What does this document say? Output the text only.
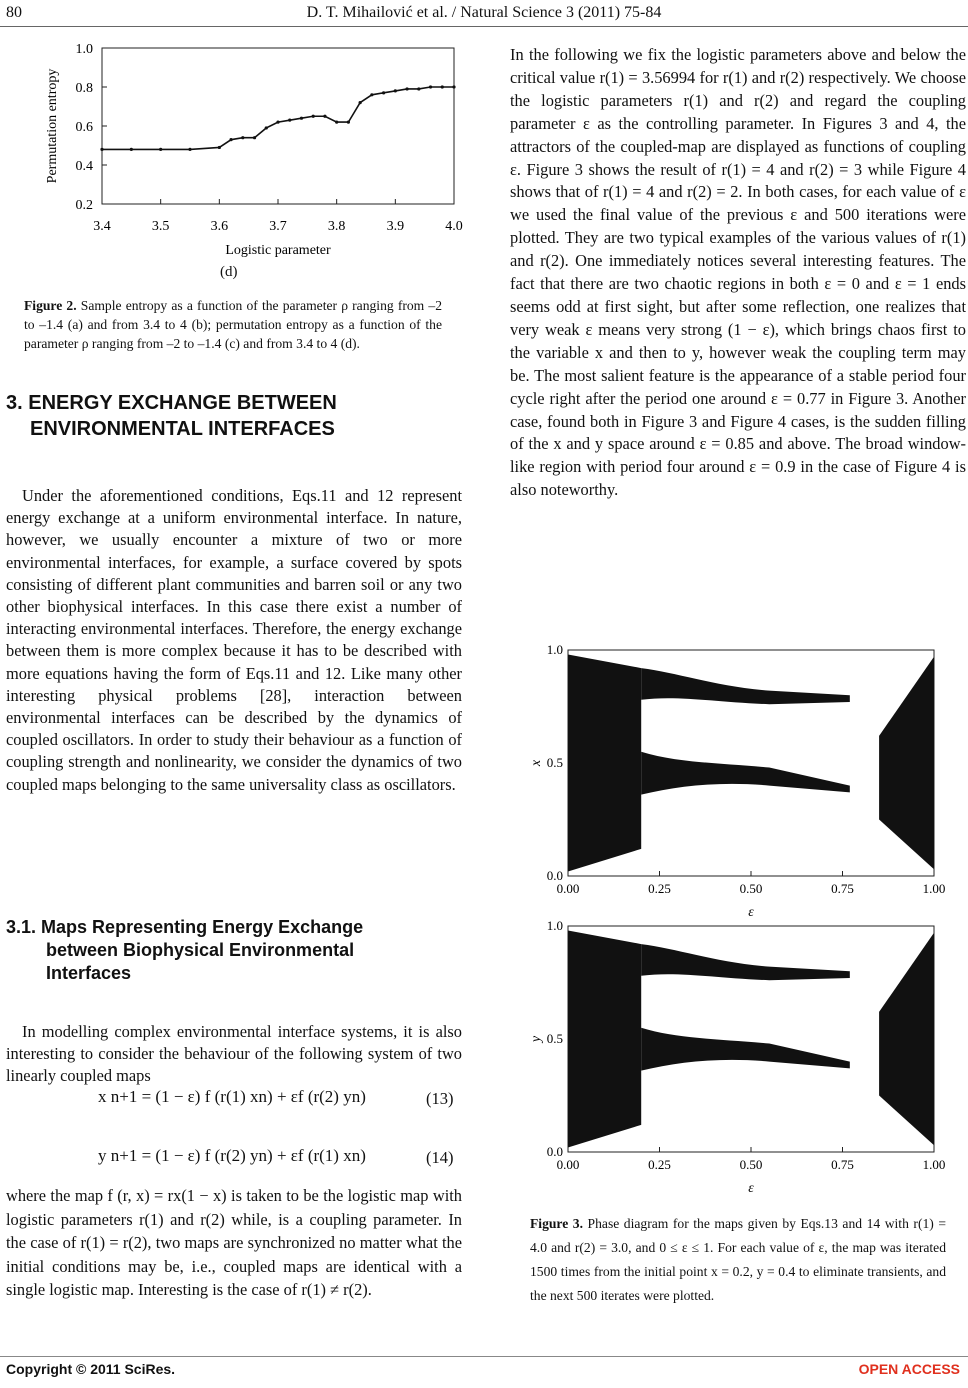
80	D. T. Mihailović et al. / Natural Science 3 (2011) 75-84
3.4	3.5	3.6	3.7	3.8	3.9	4.0
0.2
0.4
0.6
0.8
1.0
Logistic parameter
Permutation entropy
(d)
Figure 2. Sample entropy as a function of the parameter ρ ranging from –2 to –1.4 (a) and from 3.4 to 4 (b); permutation entropy as a function of the parameter ρ ranging from –2 to –1.4 (c) and from 3.4 to 4 (d).
3. ENERGY EXCHANGE BETWEEN
ENVIRONMENTAL INTERFACES

Under the aforementioned conditions, Eqs.11 and 12 represent energy exchange at a uniform environmental interface. In nature, however, we usually encounter a mixture of two or more environmental interfaces, for example, a surface covered by spots consisting of different plant communities and barren soil or any two other biophysical interfaces. In this case there exist a number of interacting environmental interfaces. Therefore, the energy exchange between them is more complex because it has to be described with more equations having the form of Eqs.11 and 12. Like many other interesting physical problems [28], interaction between environmental interfaces can be described by the dynamics of coupled oscillators. In order to study their behaviour as a function of coupling strength and nonlinearity, we consider the dynamics of two coupled maps belonging to the same universality class as oscillators.

3.1. Maps Representing Energy Exchange
between Biophysical Environmental
Interfaces

In modelling complex environmental interface systems, it is also interesting to consider the behaviour of the following system of two linearly coupled maps

x n+1 = (1 − ε) f (r(1) xn) + εf (r(2) yn)	(13)
y n+1 = (1 − ε) f (r(2) yn) + εf (r(1) xn)	(14)

where the map f (r, x) = rx(1 − x) is taken to be the logistic map with logistic parameters r(1) and r(2) while, is a coupling parameter. In the case of r(1) = r(2), two maps are synchronized no matter what the initial conditions may be, i.e., coupled maps are identical with a single logistic map. Interesting is the case of r(1) ≠ r(2).

In the following we fix the logistic parameters above and below the critical value r(1) = 3.56994 for r(1) and r(2) respectively. We choose the logistic parameters r(1) and r(2) and regard the coupling parameter ε as the controlling parameter. In Figures 3 and 4, the attractors of the coupled-map are displayed as functions of coupling ε. Figure 3 shows the result of r(1) = 4 and r(2) = 3 while Figure 4 shows that of r(1) = 4 and r(2) = 2. In both cases, for each value of ε we used the final value of the previous ε and 500 iterations were plotted. They are two typical examples of the various values of r(1) and r(2). One immediately notices several interesting features. The fact that there are two chaotic regions in both ε = 0 and ε = 1 ends seems odd at first sight, but after some reflection, one realizes that very weak ε means very strong (1 − ε), which brings chaos first to the variable x and then to y, however weak the coupling term may be. The most salient feature is the appearance of a stable period four cycle right after the period one around ε = 0.77 in Figure 3. Another case, found both in Figure 3 and Figure 4 cases, is the sudden filling of the x and y space around ε = 0.85 and above. The broad window-like region with period four around ε = 0.9 in the case of Figure 4 is also noteworthy.

0.00	0.25	0.50	0.75	1.00
0.0
0.5
1.0
ε
x
0.00	0.25	0.50	0.75	1.00
0.0
0.5
1.0
ε
y
Figure 3. Phase diagram for the maps given by Eqs.13 and 14 with r(1) = 4.0 and r(2) = 3.0, and 0 ≤ ε ≤ 1. For each value of ε, the map was iterated 1500 times from the initial point x = 0.2, y = 0.4 to eliminate transients, and the next 500 iterates were plotted.
Copyright © 2011 SciRes.	OPEN ACCESS
